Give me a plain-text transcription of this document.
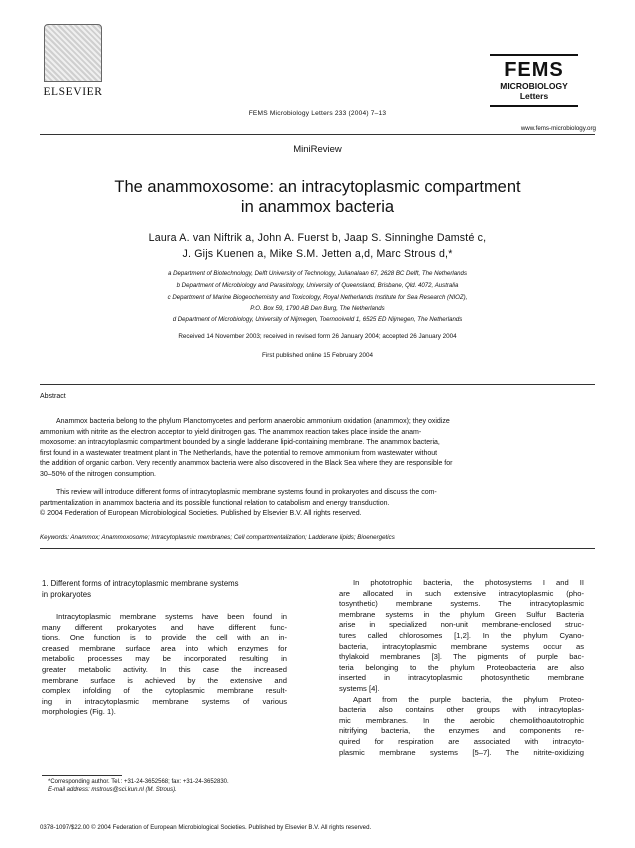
ELSEVIER
FEMS Microbiology Letters 233 (2004) 7–13
FEMS
MICROBIOLOGY
Letters
www.fems-microbiology.org
MiniReview
The anammoxosome: an intracytoplasmic compartment
in anammox bacteria
Laura A. van Niftrik a, John A. Fuerst b, Jaap S. Sinninghe Damsté c,
J. Gijs Kuenen a, Mike S.M. Jetten a,d, Marc Strous d,*
a Department of Biotechnology, Delft University of Technology, Julianalaan 67, 2628 BC Delft, The Netherlands
b Department of Microbiology and Parasitology, University of Queensland, Brisbane, Qld. 4072, Australia
c Department of Marine Biogeochemistry and Toxicology, Royal Netherlands Institute for Sea Research (NIOZ),
P.O. Box 59, 1790 AB Den Burg, The Netherlands
d Department of Microbiology, University of Nijmegen, Toernooiveld 1, 6525 ED Nijmegen, The Netherlands
Received 14 November 2003; received in revised form 26 January 2004; accepted 26 January 2004
First published online 15 February 2004
Abstract
Anammox bacteria belong to the phylum Planctomycetes and perform anaerobic ammonium oxidation (anammox); they oxidize
ammonium with nitrite as the electron acceptor to yield dinitrogen gas. The anammox reaction takes place inside the anam-
moxosome: an intracytoplasmic compartment bounded by a single ladderane lipid-containing membrane. The anammox bacteria,
first found in a wastewater treatment plant in The Netherlands, have the potential to remove ammonium from wastewater without
the addition of organic carbon. Very recently anammox bacteria were also discovered in the Black Sea where they are responsible for
30–50% of the nitrogen consumption.
This review will introduce different forms of intracytoplasmic membrane systems found in prokaryotes and discuss the com-
partmentalization in anammox bacteria and its possible functional relation to catabolism and energy transduction.
© 2004 Federation of European Microbiological Societies. Published by Elsevier B.V. All rights reserved.
Keywords: Anammox; Anammoxosome; Intracytoplasmic membranes; Cell compartmentalization; Ladderane lipids; Bioenergetics
1. Different forms of intracytoplasmic membrane systems
in prokaryotes
Intracytoplasmic membrane systems have been found in
many different prokaryotes and have different func-
tions. One function is to provide the cell with an in-
creased membrane surface area into which enzymes for
metabolic processes may be incorporated resulting in
greater metabolic activity. In this case the increased
membrane surface is achieved by the extensive and
complex infolding of the cytoplasmic membrane result-
ing in intracytoplasmic membrane systems of various
morphologies (Fig. 1).
In phototrophic bacteria, the photosystems I and II
are allocated in such extensive intracytoplasmic (pho-
tosynthetic) membrane systems. The intracytoplasmic
membrane systems in the phylum Green Sulfur Bacteria
arise in specialized non-unit membrane-enclosed struc-
tures called chlorosomes [1,2]. In the phylum Cyano-
bacteria, intracytoplasmic membrane systems occur as
thylakoid membranes [3]. The pigments of purple bac-
teria belonging to the phylum Proteobacteria are also
inserted in intracytoplasmic photosynthetic membrane
systems [4].
Apart from the purple bacteria, the phylum Proteo-
bacteria also contains other groups with intracytoplas-
mic membranes. In the aerobic chemolithoautotrophic
nitrifying bacteria, the enzymes and components re-
quired for respiration are associated with intracyto-
plasmic membrane systems [5–7]. The nitrite-oxidizing
*Corresponding author. Tel.: +31-24-3652568; fax: +31-24-3652830.
E-mail address: mstrous@sci.kun.nl (M. Strous).
0378-1097/$22.00 © 2004 Federation of European Microbiological Societies. Published by Elsevier B.V. All rights reserved.
